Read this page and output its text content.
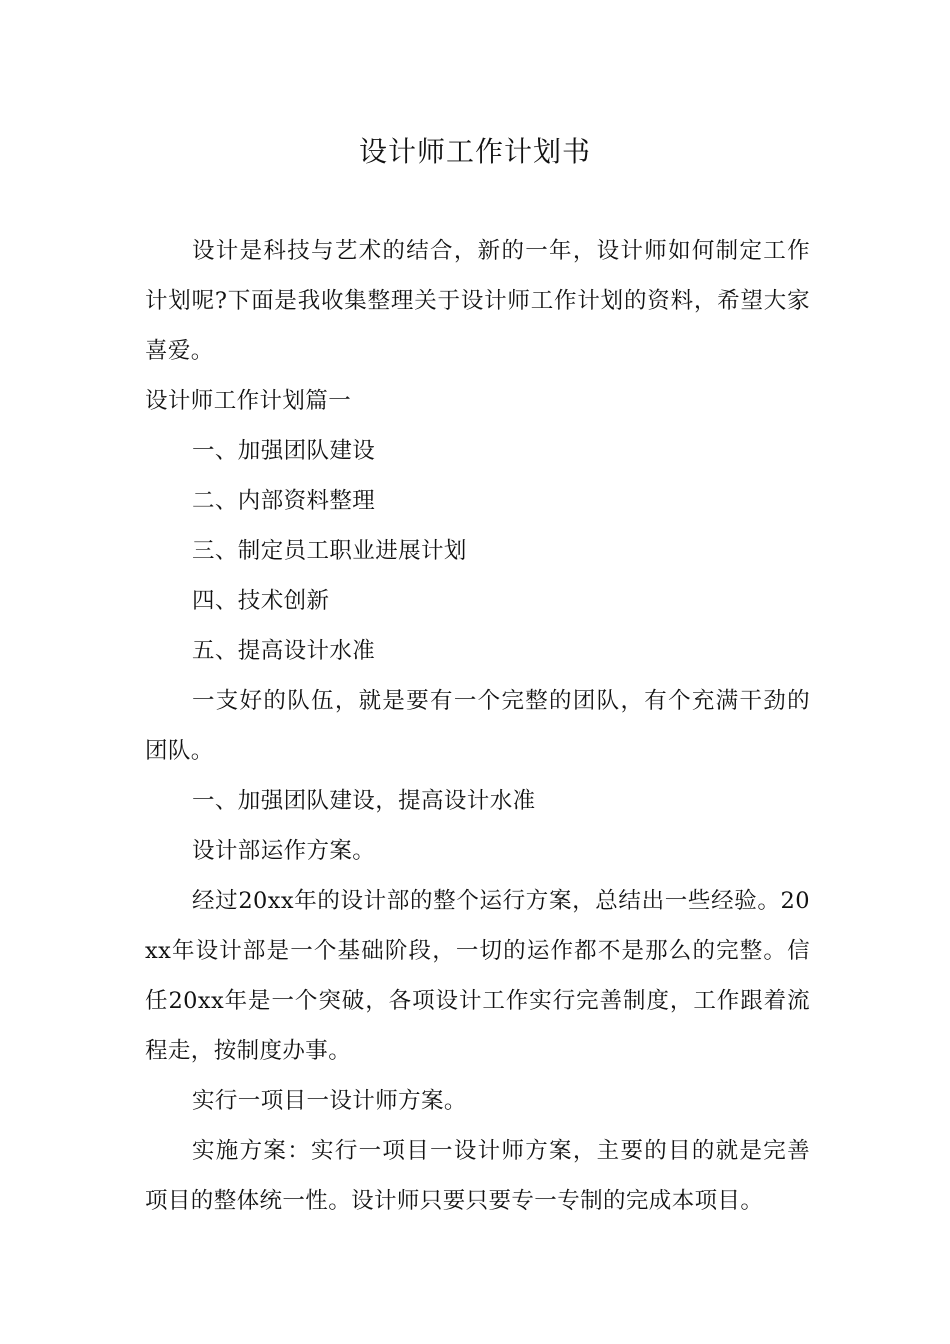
设计师工作计划书

设计是科技与艺术的结合，新的一年，设计师如何制定工作计划呢?下面是我收集整理关于设计师工作计划的资料，希望大家喜爱。

设计师工作计划篇一

一、加强团队建设

二、内部资料整理

三、制定员工职业进展计划

四、技术创新

五、提高设计水准

一支好的队伍，就是要有一个完整的团队，有个充满干劲的团队。

一、加强团队建设，提高设计水准

设计部运作方案。

经过20xx年的设计部的整个运行方案，总结出一些经验。20xx年设计部是一个基础阶段，一切的运作都不是那么的完整。信任20xx年是一个突破，各项设计工作实行完善制度，工作跟着流程走，按制度办事。

实行一项目一设计师方案。

实施方案：实行一项目一设计师方案，主要的目的就是完善项目的整体统一性。设计师只要只要专一专制的完成本项目。
